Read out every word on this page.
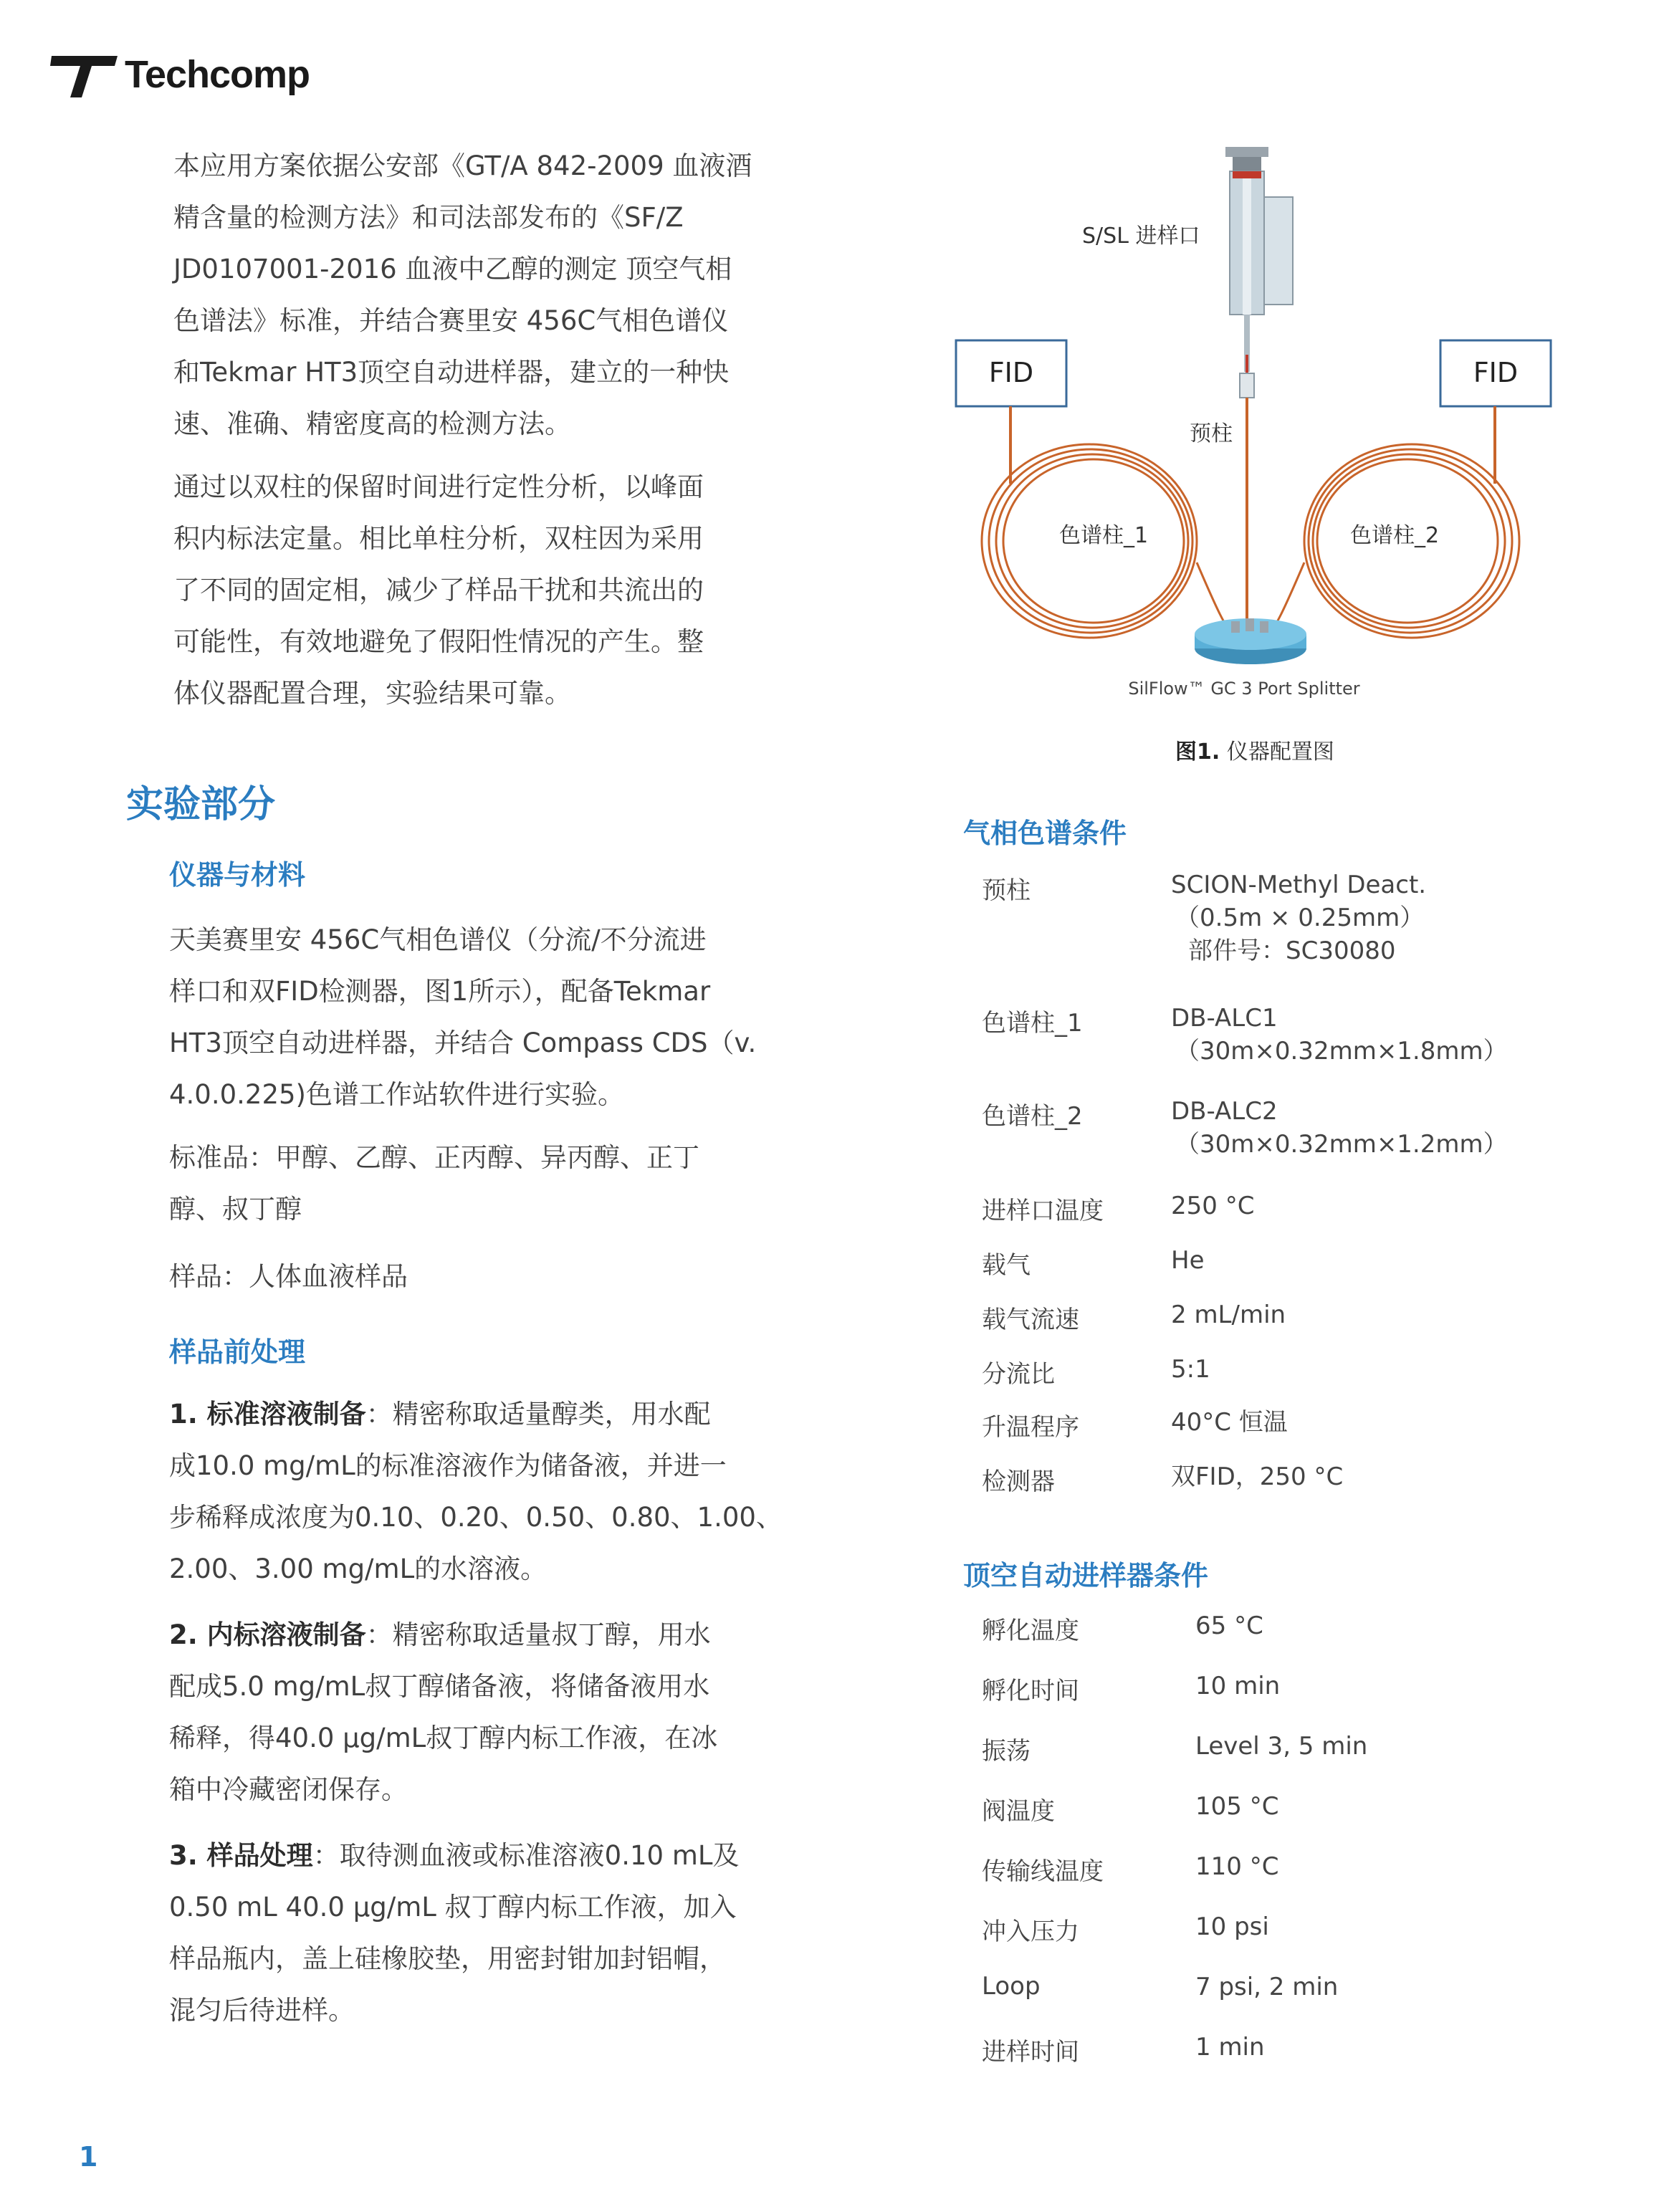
Techcomp

本应用方案依据公安部《GT/A 842-2009 血液酒

精含量的检测方法》和司法部发布的《SF/Z

JD0107001-2016 血液中乙醇的测定 顶空气相

色谱法》标准，并结合赛里安 456C气相色谱仪

和Tekmar HT3顶空自动进样器，建立的一种快

速、准确、精密度高的检测方法。

通过以双柱的保留时间进行定性分析，以峰面

积内标法定量。相比单柱分析，双柱因为采用

了不同的固定相，减少了样品干扰和共流出的

可能性，有效地避免了假阳性情况的产生。整

体仪器配置合理，实验结果可靠。

实验部分
仪器与材料

天美赛里安 456C气相色谱仪（分流/不分流进

样口和双FID检测器，图1所示），配备Tekmar

HT3顶空自动进样器，并结合 Compass CDS（v.

4.0.0.225)色谱工作站软件进行实验。

标准品：甲醇、乙醇、正丙醇、异丙醇、正丁

醇、叔丁醇

样品：人体血液样品

样品前处理

1. 标准溶液制备：精密称取适量醇类，用水配

成10.0 mg/mL的标准溶液作为储备液，并进一

步稀释成浓度为0.10、0.20、0.50、0.80、1.00、

2.00、3.00 mg/mL的水溶液。

2. 内标溶液制备：精密称取适量叔丁醇，用水

配成5.0 mg/mL叔丁醇储备液，将储备液用水

稀释，得40.0 µg/mL叔丁醇内标工作液，在冰

箱中冷藏密闭保存。

3. 样品处理：取待测血液或标准溶液0.10 mL及

0.50 mL 40.0 µg/mL 叔丁醇内标工作液，加入

样品瓶内，盖上硅橡胶垫，用密封钳加封铝帽，

混匀后待进样。

S/SL 进样口
FID	FID
预柱
色谱柱_1	色谱柱_2
SilFlow™ GC 3 Port Splitter
图1. 仪器配置图
气相色谱条件
预柱	SCION-Methyl Deact.
（0.5m × 0.25mm）
部件号：SC30080
色谱柱_1	DB-ALC1
（30m×0.32mm×1.8mm）
色谱柱_2	DB-ALC2
（30m×0.32mm×1.2mm）
进样口温度	250 °C
载气	He
载气流速	2 mL/min
分流比	5:1
升温程序	40°C 恒温
检测器	双FID，250 °C
顶空自动进样器条件
孵化温度	65 °C
孵化时间	10 min
振荡	Level 3, 5 min
阀温度	105 °C
传输线温度	110 °C
冲入压力	10 psi
Loop	7 psi, 2 min
进样时间	1 min
1
